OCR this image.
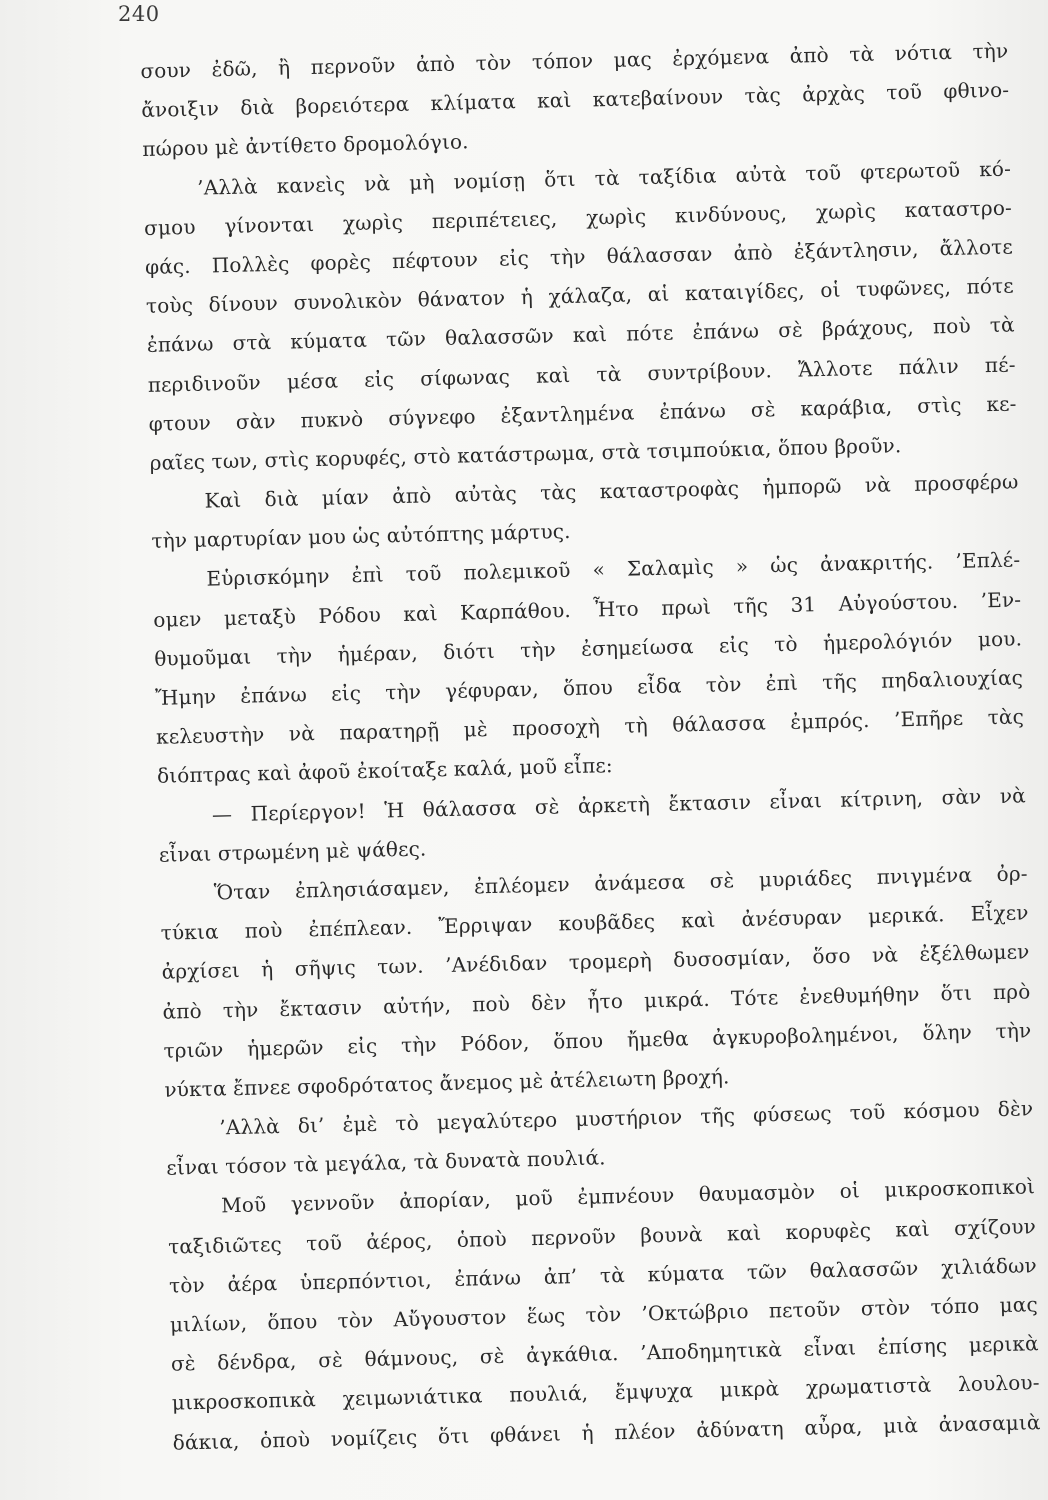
240
σουν ἐδῶ, ἢ περνοῦν ἀπὸ τὸν τόπον μας ἐρχόμενα ἀπὸ τὰ νότια τὴν
ἄνοιξιν διὰ βορειότερα κλίματα καὶ κατεβαίνουν τὰς ἀρχὰς τοῦ φθινο-
πώρου μὲ ἀντίθετο δρομολόγιο.
’Αλλὰ κανεὶς νὰ μὴ νομίσῃ ὅτι τὰ ταξίδια αὐτὰ τοῦ φτερωτοῦ κό-
σμου γίνονται χωρὶς περιπέτειες, χωρὶς κινδύνους, χωρὶς καταστρο-
φάς. Πολλὲς φορὲς πέφτουν εἰς τὴν θάλασσαν ἀπὸ ἐξάντλησιν, ἄλλοτε
τοὺς δίνουν συνολικὸν θάνατον ἡ χάλαζα, αἱ καταιγίδες, οἱ τυφῶνες, πότε
ἐπάνω στὰ κύματα τῶν θαλασσῶν καὶ πότε ἐπάνω σὲ βράχους, ποὺ τὰ
περιδινοῦν μέσα εἰς σίφωνας καὶ τὰ συντρίβουν. Ἄλλοτε πάλιν πέ-
φτουν σὰν πυκνὸ σύγνεφο ἐξαντλημένα ἐπάνω σὲ καράβια, στὶς κε-
ραῖες των, στὶς κορυφές, στὸ κατάστρωμα, στὰ τσιμπούκια, ὅπου βροῦν.
Καὶ διὰ μίαν ἀπὸ αὐτὰς τὰς καταστροφὰς ἠμπορῶ νὰ προσφέρω
τὴν μαρτυρίαν μου ὡς αὐτόπτης μάρτυς.
Εὑρισκόμην ἐπὶ τοῦ πολεμικοῦ « Σαλαμὶς » ὡς ἀνακριτής. ’Επλέ-
ομεν μεταξὺ Ρόδου καὶ Καρπάθου. Ἦτο πρωὶ τῆς 31 Αὐγούστου. ’Εν-
θυμοῦμαι τὴν ἡμέραν, διότι τὴν ἐσημείωσα εἰς τὸ ἡμερολόγιόν μου.
Ἤμην ἐπάνω εἰς τὴν γέφυραν, ὅπου εἶδα τὸν ἐπὶ τῆς πηδαλιουχίας
κελευστὴν νὰ παρατηρῇ μὲ προσοχὴ τὴ θάλασσα ἐμπρός. ’Επῆρε τὰς
διόπτρας καὶ ἀφοῦ ἐκοίταξε καλά, μοῦ εἶπε:
— Περίεργον! Ἡ θάλασσα σὲ ἀρκετὴ ἔκτασιν εἶναι κίτρινη, σὰν νὰ
εἶναι στρωμένη μὲ ψάθες.
Ὅταν ἐπλησιάσαμεν, ἐπλέομεν ἀνάμεσα σὲ μυριάδες πνιγμένα ὀρ-
τύκια ποὺ ἐπέπλεαν. Ἔρριψαν κουβᾶδες καὶ ἀνέσυραν μερικά. Εἶχεν
ἀρχίσει ἡ σῆψις των. ’Ανέδιδαν τρομερὴ δυσοσμίαν, ὅσο νὰ ἐξέλθωμεν
ἀπὸ τὴν ἔκτασιν αὐτήν, ποὺ δὲν ἦτο μικρά. Τότε ἐνεθυμήθην ὅτι πρὸ
τριῶν ἡμερῶν εἰς τὴν Ρόδον, ὅπου ἤμεθα ἀγκυροβολημένοι, ὅλην τὴν
νύκτα ἔπνεε σφοδρότατος ἄνεμος μὲ ἀτέλειωτη βροχή.
’Αλλὰ δι’ ἐμὲ τὸ μεγαλύτερο μυστήριον τῆς φύσεως τοῦ κόσμου δὲν
εἶναι τόσον τὰ μεγάλα, τὰ δυνατὰ πουλιά.
Μοῦ γεννοῦν ἀπορίαν, μοῦ ἐμπνέουν θαυμασμὸν οἱ μικροσκοπικοὶ
ταξιδιῶτες τοῦ ἀέρος, ὁποὺ περνοῦν βουνὰ καὶ κορυφὲς καὶ σχίζουν
τὸν ἀέρα ὑπερπόντιοι, ἐπάνω ἀπ’ τὰ κύματα τῶν θαλασσῶν χιλιάδων
μιλίων, ὅπου τὸν Αὔγουστον ἕως τὸν ’Οκτώβριο πετοῦν στὸν τόπο μας
σὲ δένδρα, σὲ θάμνους, σὲ ἀγκάθια. ’Αποδημητικὰ εἶναι ἐπίσης μερικὰ
μικροσκοπικὰ χειμωνιάτικα πουλιά, ἔμψυχα μικρὰ χρωματιστὰ λουλου-
δάκια, ὁποὺ νομίζεις ὅτι φθάνει ἡ πλέον ἀδύνατη αὖρα, μιὰ ἀνασαμιὰ
